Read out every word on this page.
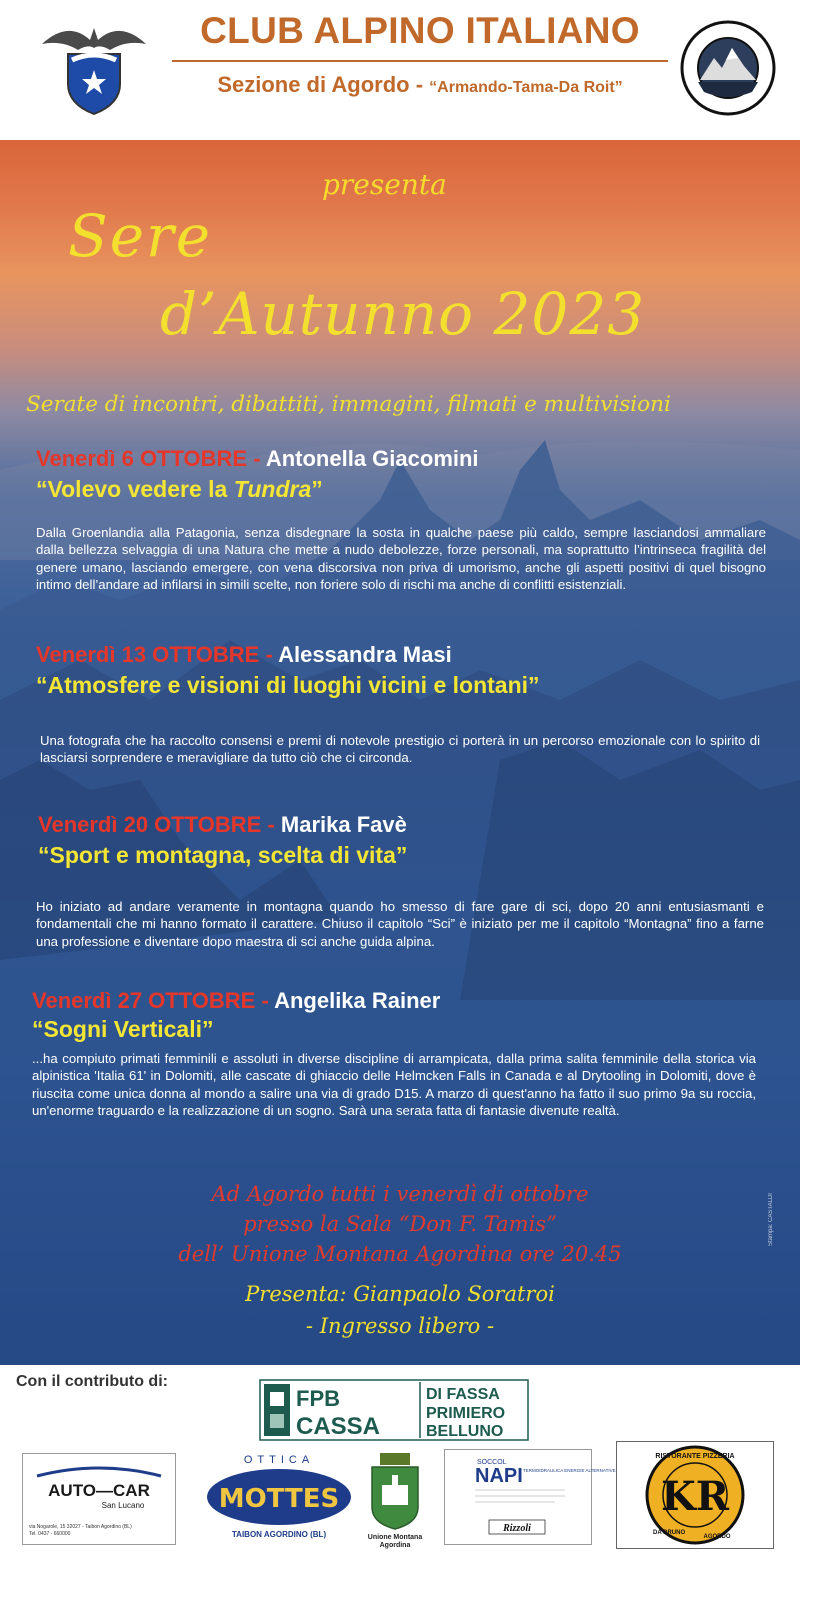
CLUB ALPINO ITALIANO
Sezione di Agordo - “Armando-Tama-Da Roit”
presenta
Sere
d’Autunno 2023
Serate di incontri, dibattiti, immagini, filmati e multivisioni
Venerdì 6 OTTOBRE - Antonella Giacomini
“Volevo vedere la Tundra”
Dalla Groenlandia alla Patagonia, senza disdegnare la sosta in qualche paese più caldo, sempre lasciandosi ammaliare dalla bellezza selvaggia di una Natura che mette a nudo debolezze, forze personali, ma soprattutto l’intrinseca fragilità del genere umano, lasciando emergere, con vena discorsiva non priva di umorismo, anche gli aspetti positivi di quel bisogno intimo dell’andare ad infilarsi in simili scelte, non foriere solo di rischi ma anche di conflitti esistenziali.
Venerdì 13 OTTOBRE - Alessandra Masi
“Atmosfere e visioni di luoghi vicini e lontani”
Una fotografa che ha raccolto consensi e premi di notevole prestigio ci porterà in un percorso emozionale con lo spirito di lasciarsi sorprendere e meravigliare da tutto ciò che ci circonda.
Venerdì 20 OTTOBRE - Marika Favè
“Sport e montagna, scelta di vita”
Ho iniziato ad andare veramente in montagna quando ho smesso di fare gare di sci, dopo 20 anni entusiasmanti e fondamentali che mi hanno formato il carattere. Chiuso il capitolo “Sci” è iniziato per me il capitolo “Montagna” fino a farne una professione e diventare dopo maestra di sci anche guida alpina.
Venerdì 27 OTTOBRE - Angelika Rainer
“Sogni Verticali”
...ha compiuto primati femminili e assoluti in diverse discipline di arrampicata, dalla prima salita femminile della storica via alpinistica 'Italia 61' in Dolomiti, alle cascate di ghiaccio delle Helmcken Falls in Canada e al Drytooling in Dolomiti, dove è riuscita come unica donna al mondo a salire una via di grado D15. A marzo di quest'anno ha fatto il suo primo 9a su roccia, un'enorme traguardo e la realizzazione di un sogno. Sarà una serata fatta di fantasie divenute realtà.
Ad Agordo tutti i venerdì di ottobre
presso la Sala “Don F. Tamis”
dell’ Unione Montana Agordina ore 20.45
Presenta: Gianpaolo Soratroi
- Ingresso libero -
Stampa: CASTALDI
Con il contributo di:
FPB
CASSA
DI FASSA
PRIMIERO
BELLUNO
AUTO—CAR
San Lucano
via Nogarole, 15 32027 - Taibon Agordino (BL)
Tel. 0437 - 660000
OTTICA
MOTTES
TAIBON AGORDINO (BL)	Unione Montana
Agordina
SOCCOL
NAPI TERMOIDRAULICA ENERGIE ALTERNATIVE
Rizzoli
RISTORANTE PIZZERIA
KR
AGORDO
DA BRUNO
